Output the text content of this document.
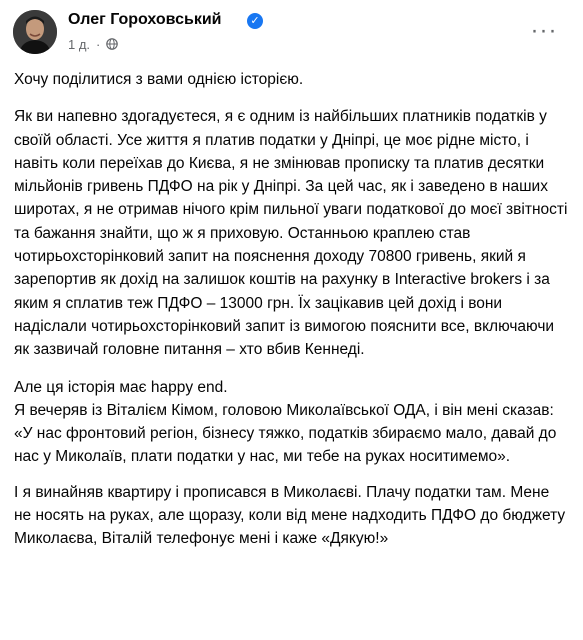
Олег Гороховський	✓
1 д. ·	···

Хочу поділитися з вами однією історією.

Як ви напевно здогадуєтеся, я є одним із найбільших платників податків у своїй області. Усе життя я платив податки у Дніпрі, це моє рідне місто, і навіть коли переїхав до Києва, я не змінював прописку та платив десятки мільйонів гривень ПДФО на рік у Дніпрі. За цей час, як і заведено в наших широтах, я не отримав нічого крім пильної уваги податкової до моєї звітності та бажання знайти, що ж я приховую. Останньою краплею став чотирьохсторінковий запит на пояснення доходу 70800 гривень, який я зарепортив як дохід на залишок коштів на рахунку в Interactive brokers і за яким я сплатив теж ПДФО – 13000 грн. Їх зацікавив цей дохід і вони надіслали чотирьохсторінковий запит із вимогою пояснити все, включаючи як зазвичай головне питання – хто вбив Кеннеді.

Але ця історія має happy end.

Я вечеряв із Віталієм Кімом, головою Миколаївської ОДА, і він мені сказав: «У нас фронтовий регіон, бізнесу тяжко, податків збираємо мало, давай до нас у Миколаїв, плати податки у нас, ми тебе на руках носитимемо».

І я винайняв квартиру і прописався в Миколаєві. Плачу податки там. Мене не носять на руках, але щоразу, коли від мене надходить ПДФО до бюджету Миколаєва, Віталій телефонує мені і каже «Дякую!»
